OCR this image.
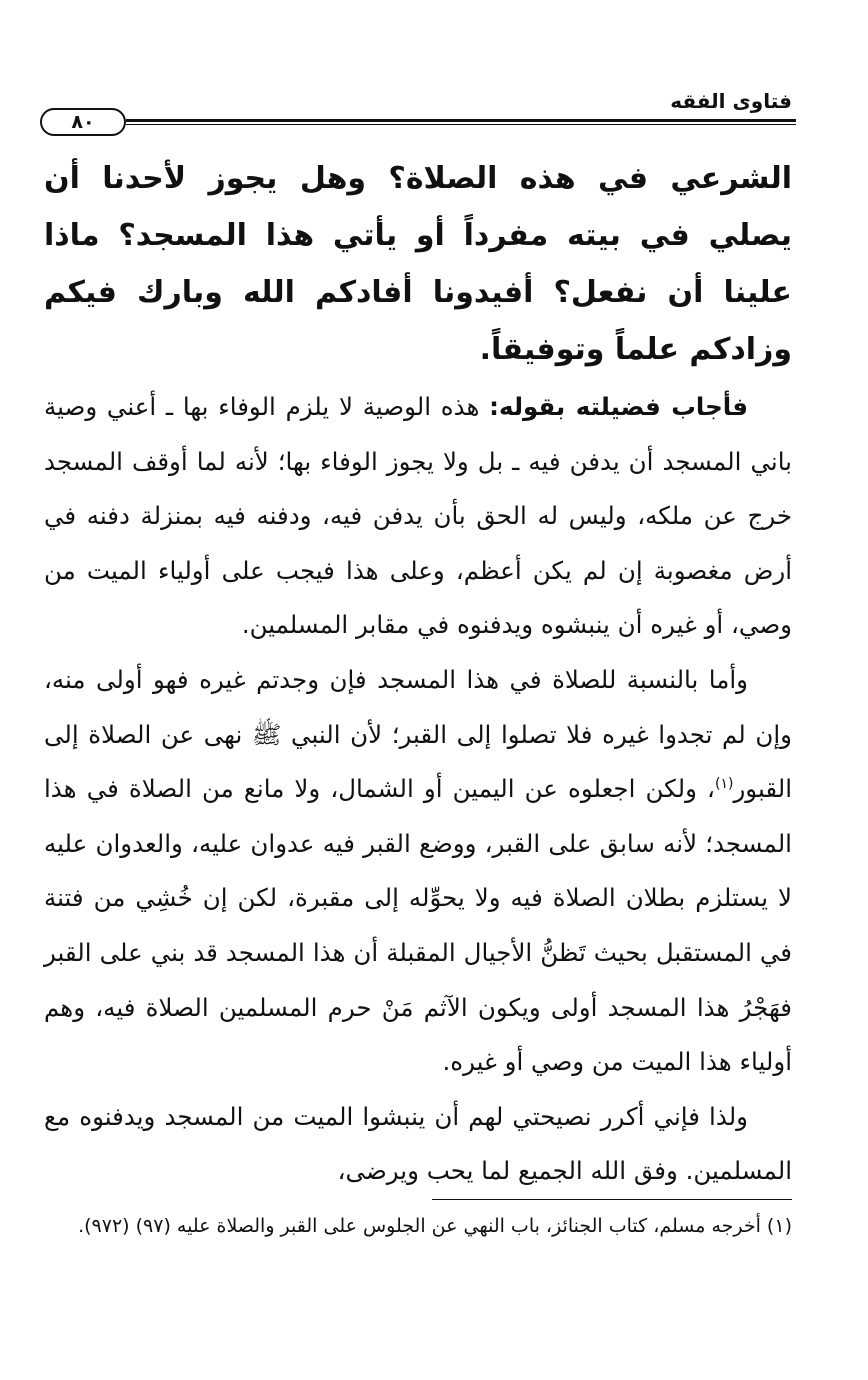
فتاوى الفقه
٨٠

الشرعي في هذه الصلاة؟ وهل يجوز لأحدنا أن يصلي في بيته مفرداً أو يأتي هذا المسجد؟ ماذا علينا أن نفعل؟ أفيدونا أفادكم الله وبارك فيكم وزادكم علماً وتوفيقاً.

فأجاب فضيلته بقوله: هذه الوصية لا يلزم الوفاء بها ـ أعني وصية باني المسجد أن يدفن فيه ـ بل ولا يجوز الوفاء بها؛ لأنه لما أوقف المسجد خرج عن ملكه، وليس له الحق بأن يدفن فيه، ودفنه فيه بمنزلة دفنه في أرض مغصوبة إن لم يكن أعظم، وعلى هذا فيجب على أولياء الميت من وصي، أو غيره أن ينبشوه ويدفنوه في مقابر المسلمين.

وأما بالنسبة للصلاة في هذا المسجد فإن وجدتم غيره فهو أولى منه، وإن لم تجدوا غيره فلا تصلوا إلى القبر؛ لأن النبي ﷺ نهى عن الصلاة إلى القبور$^{(١)}$، ولكن اجعلوه عن اليمين أو الشمال، ولا مانع من الصلاة في هذا المسجد؛ لأنه سابق على القبر، ووضع القبر فيه عدوان عليه، والعدوان عليه لا يستلزم بطلان الصلاة فيه ولا يحوِّله إلى مقبرة، لكن إن خُشِي من فتنة في المستقبل بحيث تَظنُّ الأجيال المقبلة أن هذا المسجد قد بني على القبر فهَجْرُ هذا المسجد أولى ويكون الآثم مَنْ حرم المسلمين الصلاة فيه، وهم أولياء هذا الميت من وصي أو غيره.

ولذا فإني أكرر نصيحتي لهم أن ينبشوا الميت من المسجد ويدفنوه مع المسلمين. وفق الله الجميع لما يحب ويرضى،

(١) أخرجه مسلم، كتاب الجنائز، باب النهي عن الجلوس على القبر والصلاة عليه (٩٧) (٩٧٢).
